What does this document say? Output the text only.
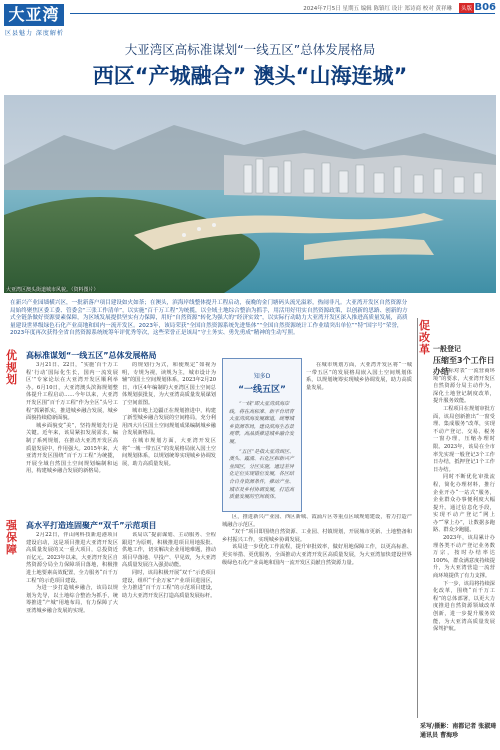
大亚湾
区县魅力 深度解析
2024年7月5日 星期五 编辑 陈镇红 设计 郑诗商 校对 黄祥琳	头版 B06
大亚湾区高标准谋划“一线五区”总体发展格局
西区“产城融合” 澳头“山海连城”
大亚湾区澳头街道城市风貌。（资料图片）
在新兴产业园墙横兴区，一批新落户项目建设如火如荼；在澳头，滨海岸线整体提升工程启动，夜晚的金门塘码头流光溢彩，热闹非凡。大亚湾开发区自然资源分局始终聚焦区委工委、管委会“三张工作清单”，以实施“百千万工程”为统揽，以全域土地综合整治为抓手，用活用好用实自然资源政策，以创新的思路、创新的方式全链条做好资源要素保障，为区域发展提供坚实有力保障，用好“自然资源”转化为强大的“经济实效”，以实际行动助力大亚湾开发区深入推进高质量发展，高质量建设世界级绿色石化产业高地和国内一流开发区。2023年，该局荣获“全国自然资源系统先进集体”“全国自然资源统计工作业绩突出单位”“特”国字号”荣誉，2023年度再次获得全省自然资源系统统筹年评优秀等次，这些荣誉正是该局“守土务实、勇先勇成”精神的生动写照。
促改革 一般登记
压缩至3个工作日办结

对标对表“一流营商环境”的要求，大亚湾开发区自然资源分局主动作为，深化土地登记制度改革，提升服务效能。

工程项目在规划审批方面，该局创新推出“一窗受理、集成服务”改革，实现不动产登记、交易、税务一窗办理，压缩办理时限。2023年，该局在全市率先实现一般登记3个工作日办结，抵押登记1个工作日办结。

同时不断优化审批流程，简化办理材料，推行企业开办“一站式”服务，企业群众办事便利度大幅提升。通过信息化手段，实现不动产登记“网上办”“掌上办”，让数据多跑路、群众少跑腿。

2023年，该局累计办理各类不动产登记业务数万宗，按时办结率达100%，群众满意度持续提升，为大亚湾营造一流营商环境提供了有力支撑。

下一步，该局将持续深化改革，围绕“百千万工程”的总体部署，以更大力度推进自然资源领域改革创新，进一步提升服务效能，为大亚湾高质量发展保驾护航。

优规划
高标准谋划“一线五区”总体发展格局

3月21日、22日，“实施‘百千万工程’行动‘国际化生长，国内一流发展区’”专家论坛在大亚湾开发区顺利举办。6月10日，大亚湾澳头滨海规划整体提升工程启动……今年以来，大亚湾开发区围“百千万工程”作为全区“头号工程”抓紧抓实，推进城乡融合发展，城乡面貌持续稳新面貌。

城乡面貌变“美”，坚持规划先行是关键。近年来，该局紧扣发展需求，编制了系列规划，在推动大亚湾开发区高质量发展中，作用强大。2015年来，大亚湾开发区围绕“百千万工程”为统揽，开展全域自然国土空间规划编制和运用，构建城乡融合发展的新格局。

的规划行为式，和使规定“如视为明，专规为视，读规为主，城市设计为辅”的国土空间规划体系，2023年2月20日，市区4年编制的大亚湾区国土空间总体规划获批复，为大亚湾高质量发展谋划了空间蓝图。

城市地上边疆正在规划推进中，构建了新型城乡融合发展的空间格局，充分利用四大片区国土空间规划成果编制城乡融合发展新格局。

在城市规划方面，大亚湾开发区将“一城一带五区”的发展格局嵌入国土空间规划体系，以规划统筹实现城乡协调发展，助力高质量发展。

知多D
“一线五区”

“一线”即大亚湾滨海岸线，将在高标准、新平台培育大亚湾滨海发展廊道，统筹城乡资源布局，建设滨海生态景观带，高品质推进城乡融合发展。

“五区”是指大亚湾西区、澳头、霞涌、石化区和新兴产业园区，分区实施，通过差异化定位实现错位发展，各区结合自身资源条件，推动产业、城市及乡村协调发展，打造高质量发展的空间载体。

在城市规划方面，大亚湾开发区将“一城一带五区”的发展格局嵌入国土空间规划体系，以规划统筹实现城乡协调发展，助力高质量发展。

强保障
高水平打造连固聚产“双千”示范项目

2月22日，伴山网科技新进港项目建设启动，这是项目推进大亚湾开发区高质量发展的又一重大项目，总投资近百亿元。2023年以来，大亚湾开发区自然资源分局全力保障项目落地，积极推进土地要素高效配置，全力服务“百千万工程”的示范项目建设。

为进一步打造城乡融合，该局以规划为先导，以土地综合整治为抓手，统筹推进“产城”用地布局，有力保障了大亚湾城乡融合发展的实现。

该局以“提前谋划、主动服务、全程跟进”为原则，积极推进项目用地报批、供地工作，切实解决企业用地难题，推动项目早落地、早投产、早见效，为大亚湾高质量发展注入强劲动能。

同时，该局积极开展“双千”示范项目建设，组织“千企万家”产业项目进园区，全力推进“百千万工程”的示范项目建设，助力大亚湾开发区打造高质量发展标杆。

区，推进新兴产业园、西区新城、霞涌片区等重点区域规划建设，着力打造产城融合示范区。

“双千”项目即围绕自然资源、工业园、村镇规划，开展城市更新、土地整备和乡村振兴工作，实现城乡协调发展。

该局进一步优化工作流程，提升审批效率，做好用地保障工作，以更高标准、更实举措、更优服务，全面推动大亚湾开发区高质量发展，为大亚湾加快建设世界级绿色石化产业高地和国内一流开发区贡献自然资源力量。

采写/摄影：南都记者 张淑琦
通讯员 曹海珍
